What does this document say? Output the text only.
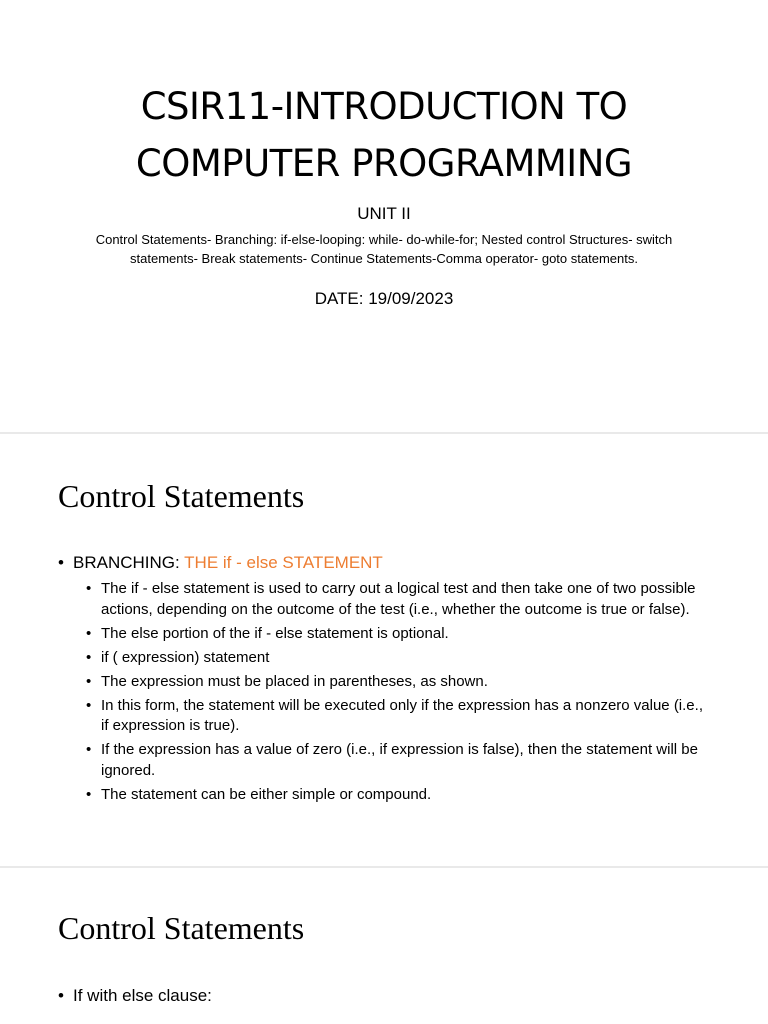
CSIR11-INTRODUCTION TO COMPUTER PROGRAMMING
UNIT II
Control Statements- Branching: if-else-looping: while- do-while-for; Nested control Structures- switch statements- Break statements- Continue Statements-Comma operator- goto statements.
DATE: 19/09/2023
Control Statements

• BRANCHING: THE if - else STATEMENT

• The if - else statement is used to carry out a logical test and then take one of two possible actions, depending on the outcome of the test (i.e., whether the outcome is true or false).
• The else portion of the if - else statement is optional.
• if ( expression) statement
• The expression must be placed in parentheses, as shown.
• In this form, the statement will be executed only if the expression has a nonzero value (i.e., if expression is true).
• If the expression has a value of zero (i.e., if expression is false), then the statement will be ignored.
• The statement can be either simple or compound.
Control Statements

• If with else clause:
